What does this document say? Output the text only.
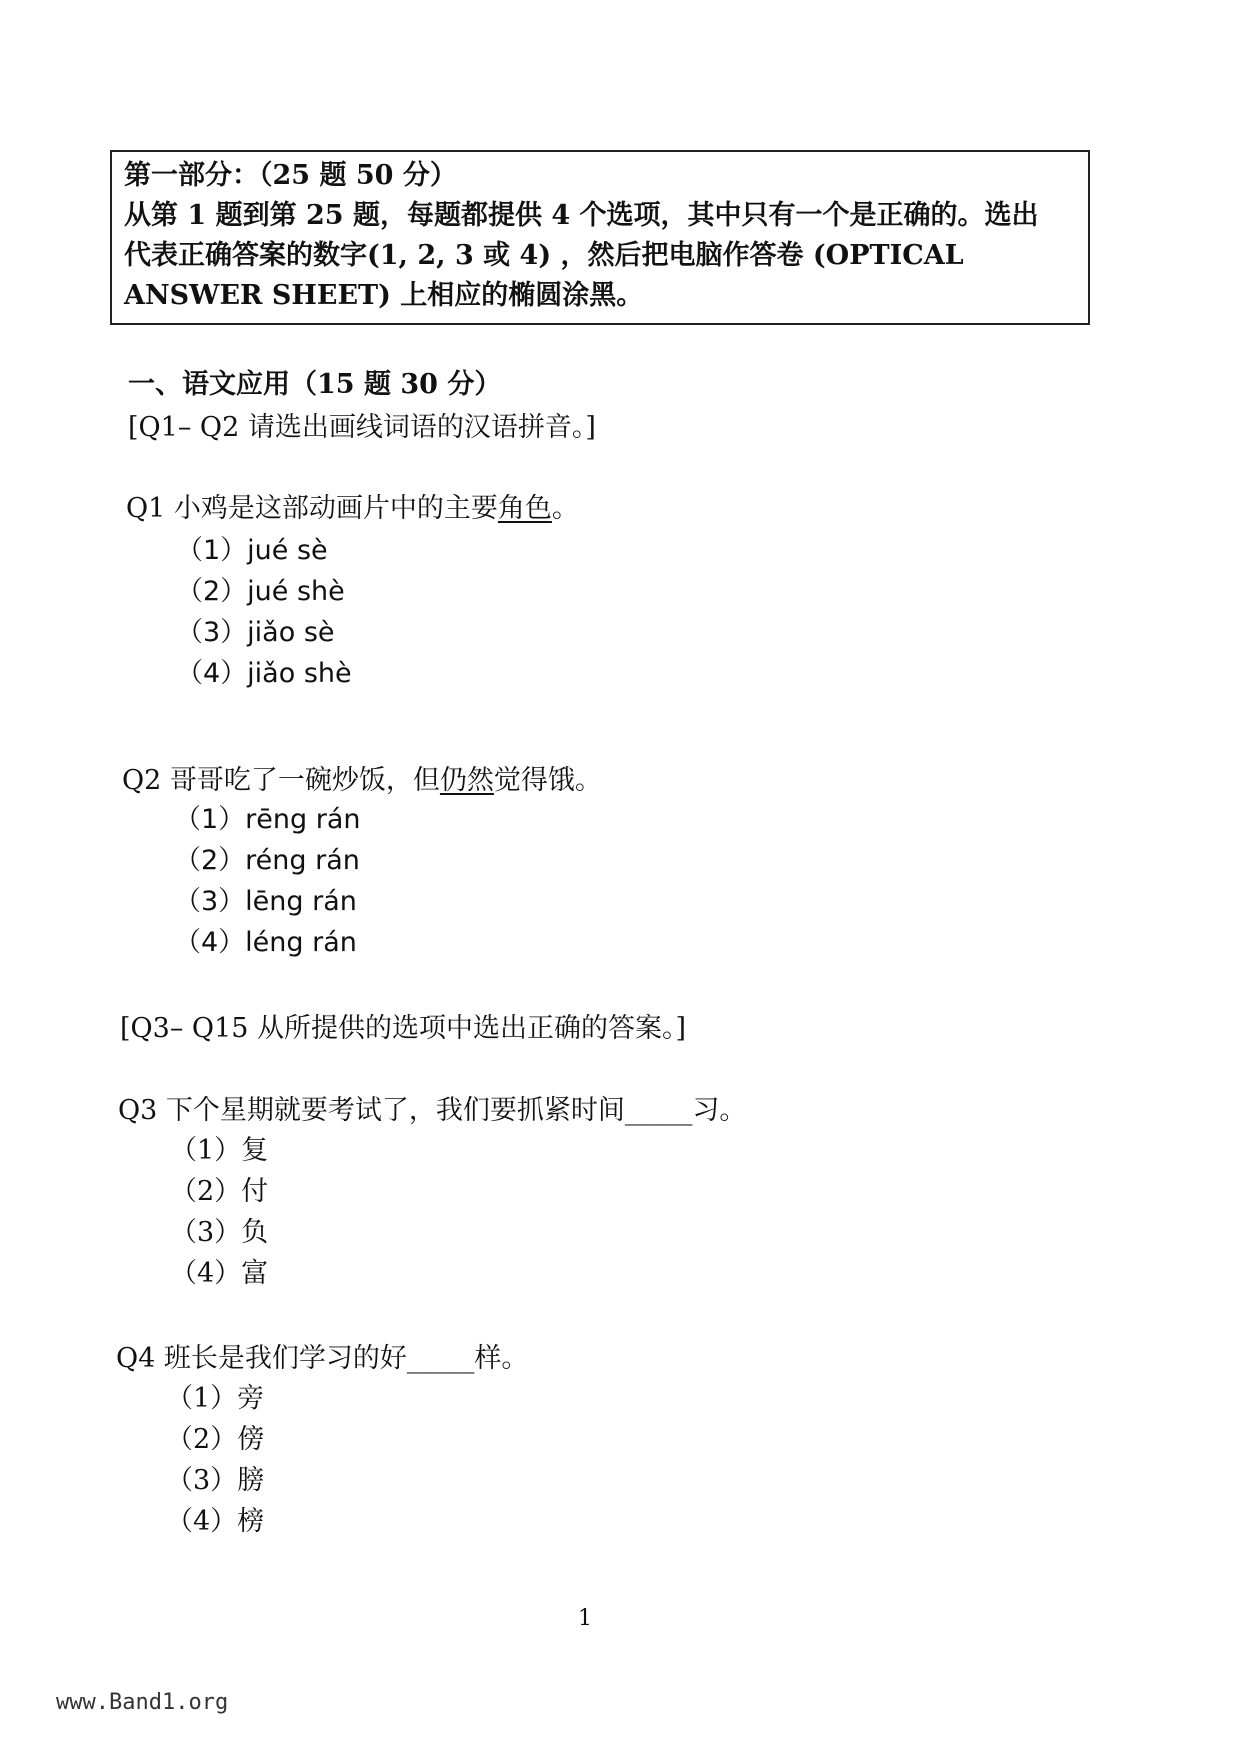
第一部分：（25 题 50 分）
从第 1 题到第 25 题，每题都提供 4 个选项，其中只有一个是正确的。选出
代表正确答案的数字(1, 2, 3 或 4) ，然后把电脑作答卷 (OPTICAL
ANSWER SHEET) 上相应的椭圆涂黑。
一、语文应用（15 题 30 分）
[Q1– Q2 请选出画线词语的汉语拼音。]
Q1 小鸡是这部动画片中的主要角色。
（1）jué sè
（2）jué shè
（3）jiǎo sè
（4）jiǎo shè
Q2 哥哥吃了一碗炒饭，但仍然觉得饿。
（1）rēng rán
（2）réng rán
（3）lēng rán
（4）léng rán
[Q3– Q15 从所提供的选项中选出正确的答案。]
Q3 下个星期就要考试了，我们要抓紧时间_____习。
（1）复
（2）付
（3）负
（4）富
Q4 班长是我们学习的好_____样。
（1）旁
（2）傍
（3）膀
（4）榜
1
www.Band1.org
